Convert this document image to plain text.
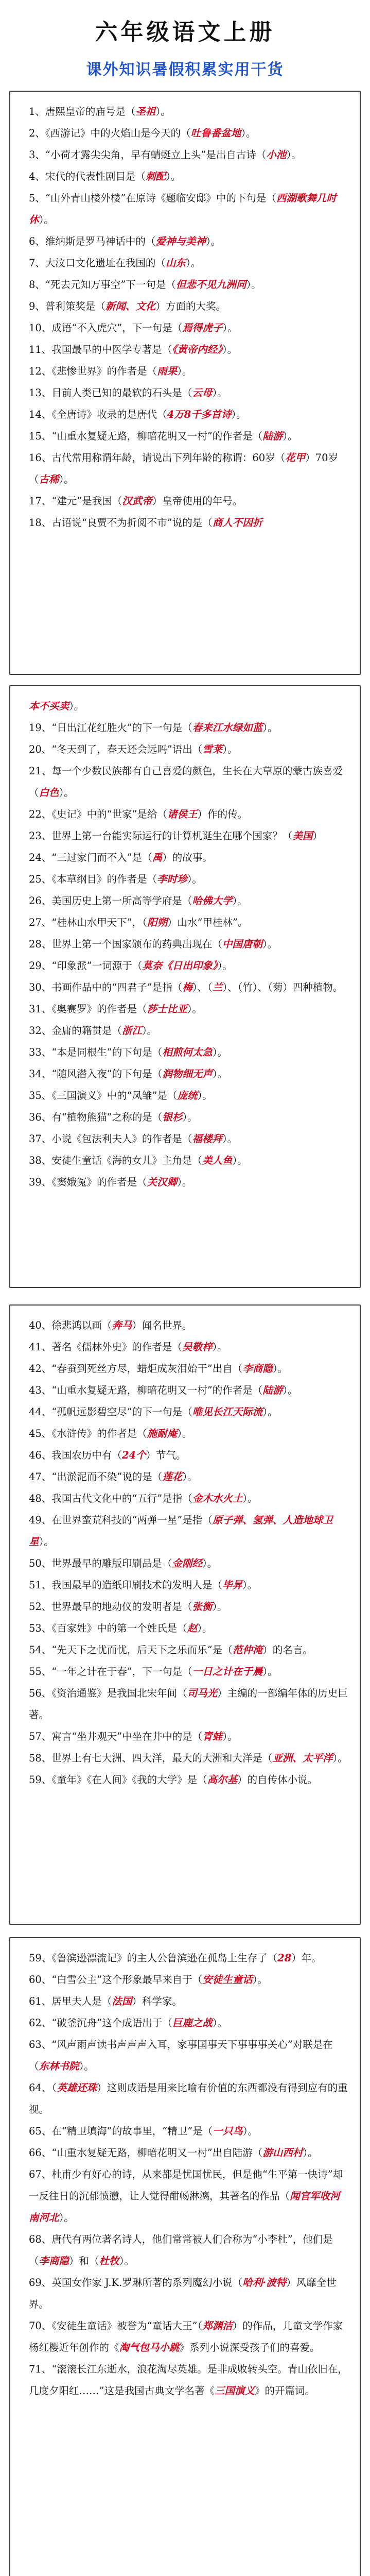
六年级语文上册
课外知识暑假积累实用干货

1、唐熙皇帝的庙号是（圣祖）。

2、《西游记》中的火焰山是今天的（吐鲁番盆地）。

3、“小荷才露尖尖角，早有蜻蜓立上头”是出自古诗（小池）。

4、宋代的代表性剧目是（刺配）。

5、“山外青山楼外楼”在原诗《题临安邸》中的下句是（西湖歌舞几时休）。

6、维纳斯是罗马神话中的（爱神与美神）。

7、大汶口文化遗址在我国的（山东）。

8、“死去元知万事空”下一句是（但悲不见九洲同）。

9、普利策奖是（新闻、文化）方面的大奖。

10、成语“不入虎穴”，下一句是（焉得虎子）。

11、我国最早的中医学专著是（《黄帝内经》）。

12、《悲惨世界》的作者是（雨果）。

13、目前人类已知的最软的石头是（云母）。

14、《全唐诗》收录的是唐代（4万8千多首诗）。

15、“山重水复疑无路，柳暗花明又一村”的作者是（陆游）。

16、古代常用称谓年龄，请说出下列年龄的称谓：60岁（花甲）70岁（古稀）。

17、“建元”是我国（汉武帝）皇帝使用的年号。

18、古语说“良贾不为折阅不市”说的是（商人不因折

本不买卖）。

19、“日出江花红胜火”的下一句是（春来江水绿如蓝）。

20、“冬天到了，春天还会远吗”语出（雪莱）。

21、每一个少数民族都有自己喜爱的颜色，生长在大草原的蒙古族喜爱（白色）。

22、《史记》中的“世家”是给（诸侯王）作的传。

23、世界上第一台能实际运行的计算机诞生在哪个国家？（美国）

24、“三过家门而不入”是（禹）的故事。

25、《本草纲目》的作者是（李时珍）。

26、美国历史上第一所高等学府是（哈佛大学）。

27、“桂林山水甲天下”，（阳朔）山水“甲桂林”。

28、世界上第一个国家颁布的药典出现在（中国唐朝）。

29、“印象派”一词源于（莫奈《日出印象》）。

30、书画作品中的“四君子”是指（梅）、（兰）、（竹）、（菊）四种植物。

31、《奥赛罗》的作者是（莎士比亚）。

32、金庸的籍贯是（浙江）。

33、“本是同根生”的下句是（相煎何太急）。

34、“随风潜入夜”的下句是（润物细无声）。

35、《三国演义》中的“凤雏”是（庞统）。

36、有“植物熊猫”之称的是（银杉）。

37、小说《包法利夫人》的作者是（福楼拜）。

38、安徒生童话《海的女儿》主角是（美人鱼）。

39、《窦娥冤》的作者是（关汉卿）。

40、徐悲鸿以画（奔马）闻名世界。

41、著名《儒林外史》的作者是（吴敬梓）。

42、“春蚕到死丝方尽，蜡炬成灰泪始干”出自（李商隐）。

43、“山重水复疑无路，柳暗花明又一村”的作者是（陆游）。

44、“孤帆远影碧空尽”的下一句是（唯见长江天际流）。

45、《水浒传》的作者是（施耐庵）。

46、我国农历中有（24个）节气。

47、“出淤泥而不染”说的是（莲花）。

48、我国古代文化中的“五行”是指（金木水火土）。

49、在世界蛮荒科技的“两弹一星”是指（原子弹、氢弹、人造地球卫星）。

50、世界最早的雕版印刷品是（金刚经）。

51、我国最早的造纸印刷技术的发明人是（毕昇）。

52、世界最早的地动仪的发明者是（张衡）。

53、《百家姓》中的第一个姓氏是（赵）。

54、“先天下之忧而忧，后天下之乐而乐”是（范仲淹）的名言。

55、“一年之计在于春”，下一句是（一日之计在于晨）。

56、《资治通鉴》是我国北宋年间（司马光）主编的一部编年体的历史巨著。

57、寓言“坐井观天”中坐在井中的是（青蛙）。

58、世界上有七大洲、四大洋，最大的大洲和大洋是（亚洲、太平洋）。

59、《童年》《在人间》《我的大学》是（高尔基）的自传体小说。

59、《鲁滨逊漂流记》的主人公鲁滨逊在孤岛上生存了（28）年。

60、“白雪公主”这个形象最早来自于（安徒生童话）。

61、居里夫人是（法国）科学家。

62、“破釜沉舟”这个成语出于（巨鹿之战）。

63、“风声雨声读书声声声入耳，家事国事天下事事事关心”对联是在（东林书院）。

64、（英雄还珠）这则成语是用来比喻有价值的东西都没有得到应有的重视。

65、在“精卫填海”的故事里，“精卫”是（一只鸟）。

66、“山重水复疑无路，柳暗花明又一村”出自陆游（游山西村）。

67、杜甫少有好心的诗，从来都是忧国忧民，但是他“生平第一快诗”却一反往日的沉郁愤懑，让人觉得酣畅淋漓，其著名的作品（闻官军收河南河北）。

68、唐代有两位著名诗人，他们常常被人们合称为“小李杜”，他们是（李商隐）和（杜牧）。

69、英国女作家 J.K.罗琳所著的系列魔幻小说（哈利·波特）风靡全世界。

70、《安徒生童话》被誉为“童话大王”（郑渊洁）的作品，儿童文学作家杨红樱近年创作的《淘气包马小跳》系列小说深受孩子们的喜爱。

71、“滚滚长江东逝水，浪花淘尽英雄。是非成败转头空。青山依旧在，几度夕阳红……”这是我国古典文学名著《三国演义》的开篇词。
